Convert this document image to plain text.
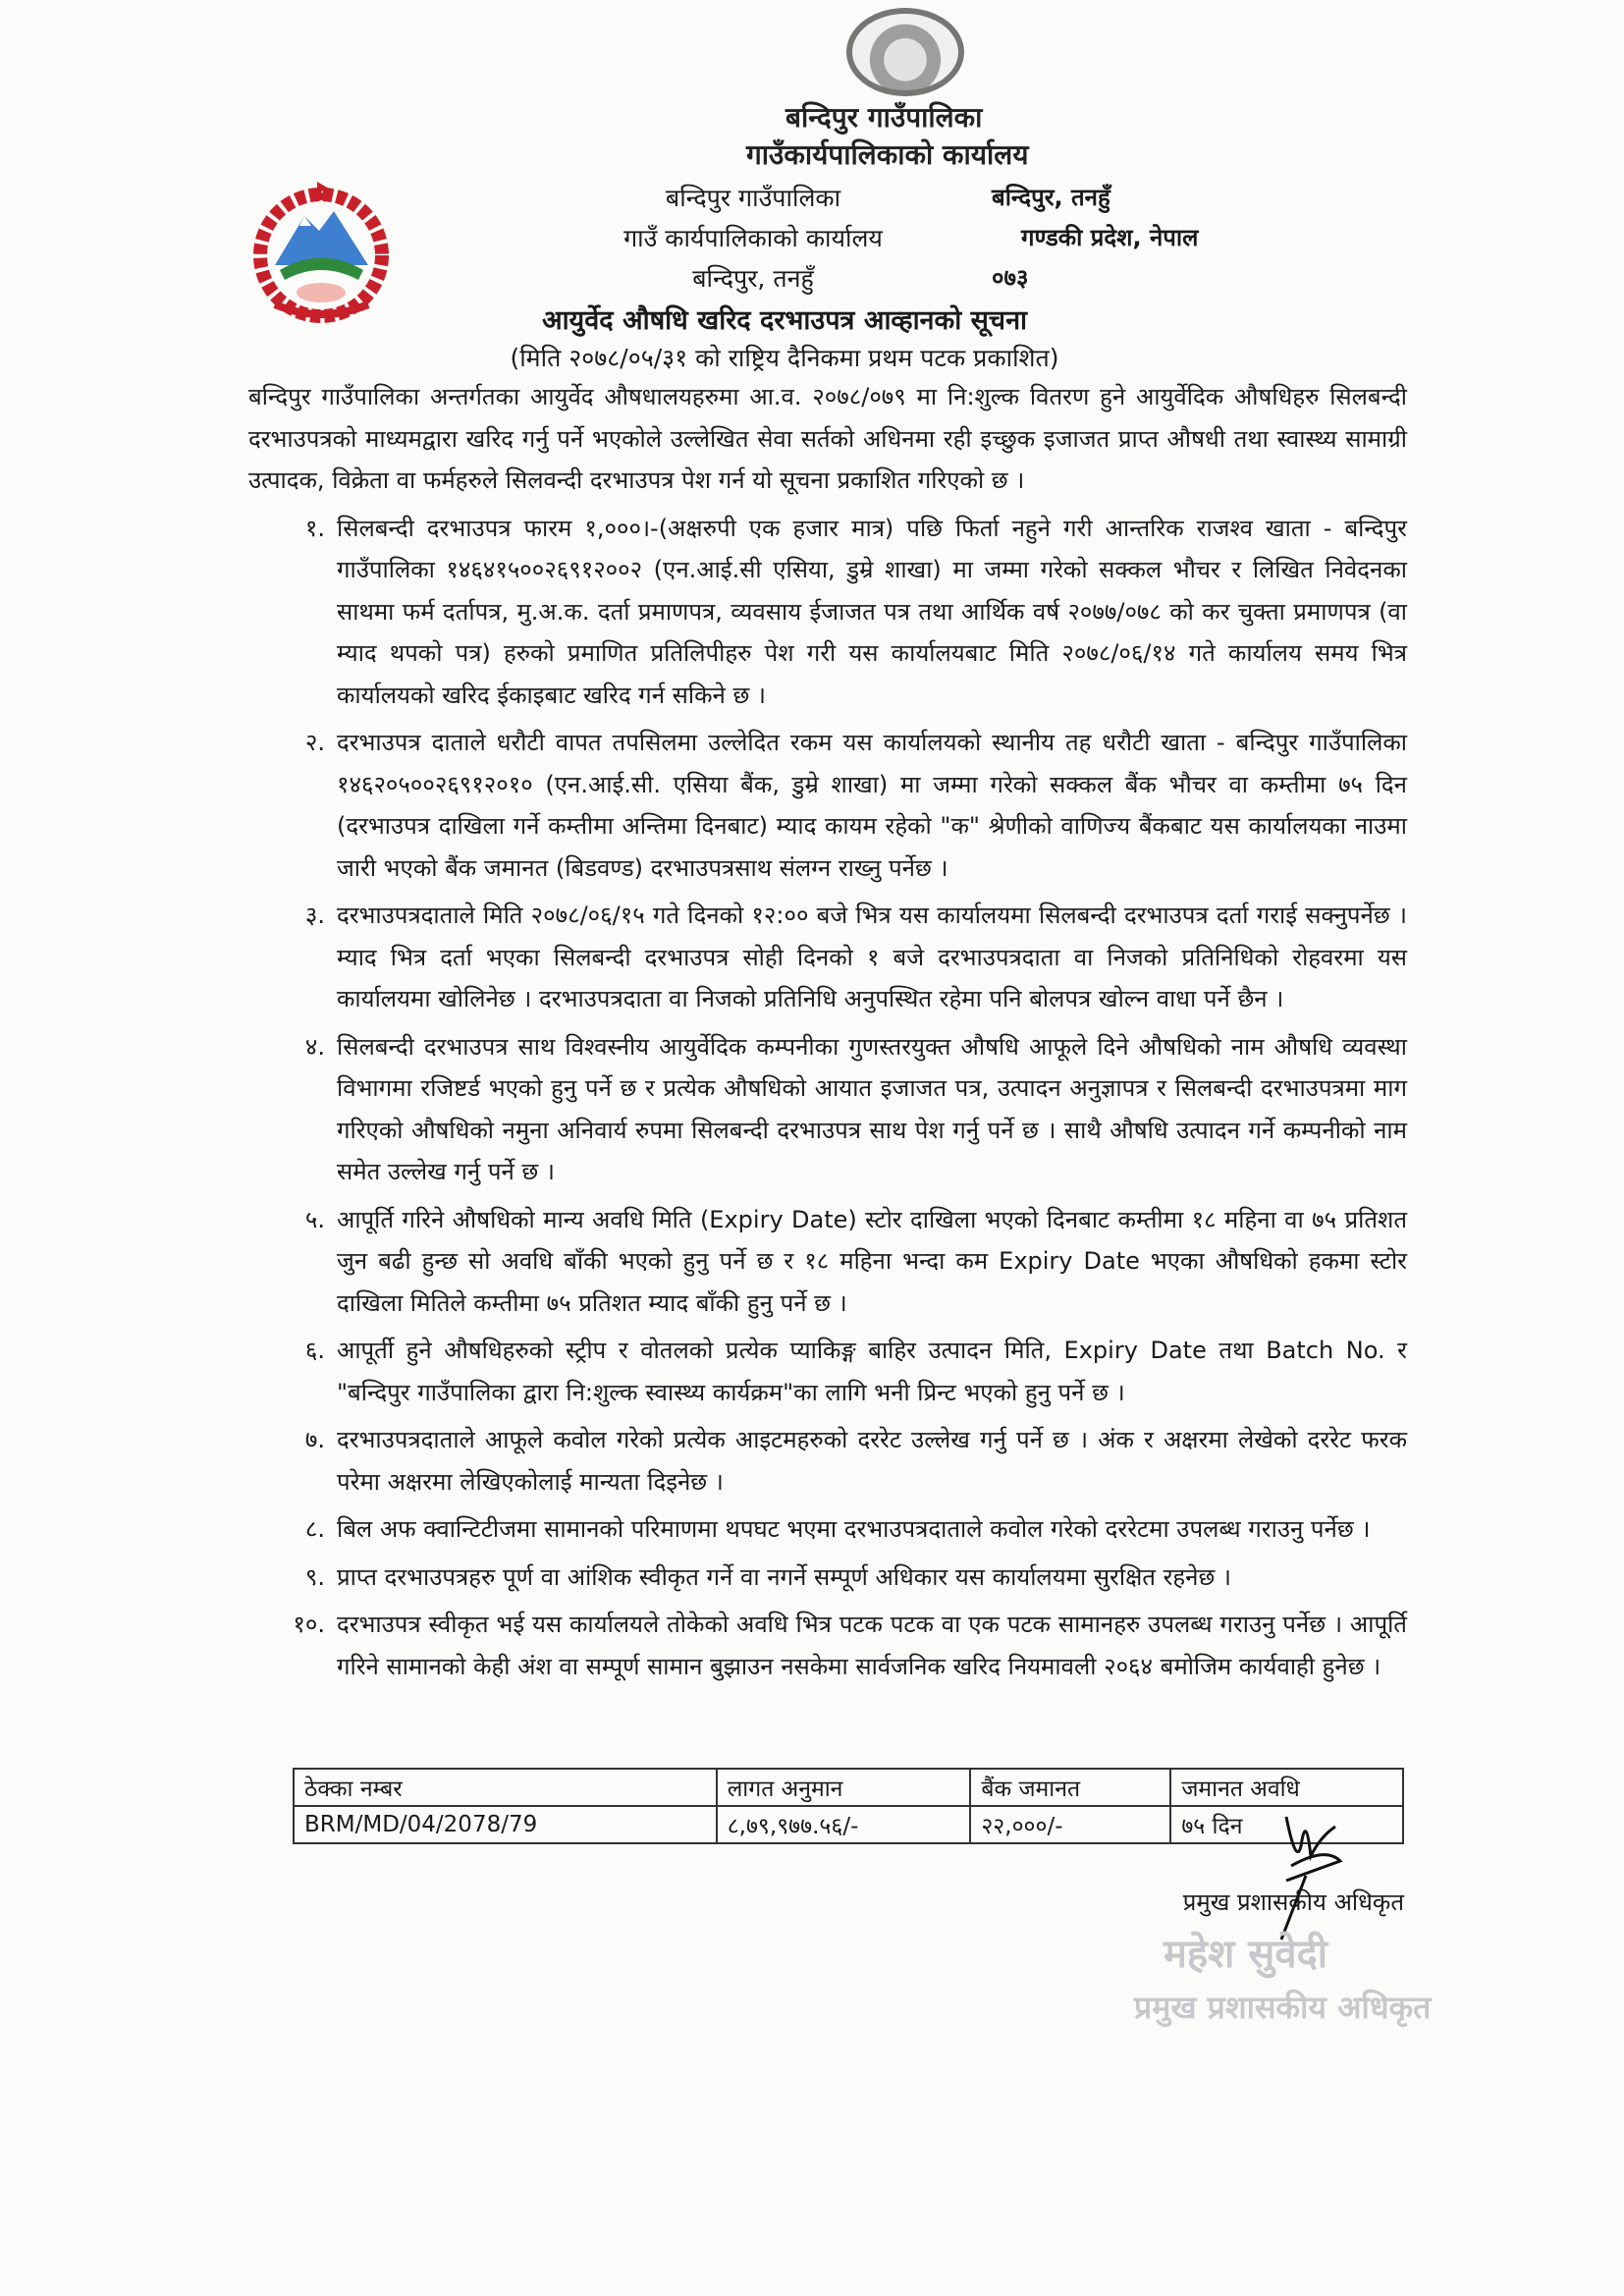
बन्दिपुर गाउँपालिका
गाउँकार्यपालिकाको कार्यालय
बन्दिपुर गाउँपालिका	बन्दिपुर, तनहुँ
गाउँ कार्यपालिकाको कार्यालय	गण्डकी प्रदेश, नेपाल
बन्दिपुर, तनहुँ	०७३
आयुर्वेद औषधि खरिद दरभाउपत्र आव्हानको सूचना
(मिति २०७८/०५/३१ को राष्ट्रिय दैनिकमा प्रथम पटक प्रकाशित)

बन्दिपुर गाउँपालिका अन्तर्गतका आयुर्वेद औषधालयहरुमा आ.व. २०७८/०७९ मा नि:शुल्क वितरण हुने आयुर्वेदिक औषधिहरु सिलबन्दी दरभाउपत्रको माध्यमद्वारा खरिद गर्नु पर्ने भएकोले उल्लेखित सेवा सर्तको अधिनमा रही इच्छुक इजाजत प्राप्त औषधी तथा स्वास्थ्य सामाग्री उत्पादक, विक्रेता वा फर्महरुले सिलवन्दी दरभाउपत्र पेश गर्न यो सूचना प्रकाशित गरिएको छ ।

१. सिलबन्दी दरभाउपत्र फारम १,०००।-(अक्षरुपी एक हजार मात्र) पछि फिर्ता नहुने गरी आन्तरिक राजश्व खाता - बन्दिपुर गाउँपालिका १४६४१५००२६९१२००२ (एन.आई.सी एसिया, डुम्रे शाखा) मा जम्मा गरेको सक्कल भौचर र लिखित निवेदनका साथमा फर्म दर्तापत्र, मु.अ.क. दर्ता प्रमाणपत्र, व्यवसाय ईजाजत पत्र तथा आर्थिक वर्ष २०७७/०७८ को कर चुक्ता प्रमाणपत्र (वा म्याद थपको पत्र) हरुको प्रमाणित प्रतिलिपीहरु पेश गरी यस कार्यालयबाट मिति २०७८/०६/१४ गते कार्यालय समय भित्र कार्यालयको खरिद ईकाइबाट खरिद गर्न सकिने छ ।
२. दरभाउपत्र दाताले धरौटी वापत तपसिलमा उल्लेदित रकम यस कार्यालयको स्थानीय तह धरौटी खाता - बन्दिपुर गाउँपालिका १४६२०५००२६९१२०१० (एन.आई.सी. एसिया बैंक, डुम्रे शाखा) मा जम्मा गरेको सक्कल बैंक भौचर वा कम्तीमा ७५ दिन (दरभाउपत्र दाखिला गर्ने कम्तीमा अन्तिमा दिनबाट) म्याद कायम रहेको "क" श्रेणीको वाणिज्य बैंकबाट यस कार्यालयका नाउमा जारी भएको बैंक जमानत (बिडवण्ड) दरभाउपत्रसाथ संलग्न राख्नु पर्नेछ ।
३. दरभाउपत्रदाताले मिति २०७८/०६/१५ गते दिनको १२:०० बजे भित्र यस कार्यालयमा सिलबन्दी दरभाउपत्र दर्ता गराई सक्नुपर्नेछ । म्याद भित्र दर्ता भएका सिलबन्दी दरभाउपत्र सोही दिनको १ बजे दरभाउपत्रदाता वा निजको प्रतिनिधिको रोहवरमा यस कार्यालयमा खोलिनेछ । दरभाउपत्रदाता वा निजको प्रतिनिधि अनुपस्थित रहेमा पनि बोलपत्र खोल्न वाधा पर्ने छैन ।
४. सिलबन्दी दरभाउपत्र साथ विश्वस्नीय आयुर्वेदिक कम्पनीका गुणस्तरयुक्त औषधि आफूले दिने औषधिको नाम औषधि व्यवस्था विभागमा रजिष्टर्ड भएको हुनु पर्ने छ र प्रत्येक औषधिको आयात इजाजत पत्र, उत्पादन अनुज्ञापत्र र सिलबन्दी दरभाउपत्रमा माग गरिएको औषधिको नमुना अनिवार्य रुपमा सिलबन्दी दरभाउपत्र साथ पेश गर्नु पर्ने छ । साथै औषधि उत्पादन गर्ने कम्पनीको नाम समेत उल्लेख गर्नु पर्ने छ ।
५. आपूर्ति गरिने औषधिको मान्य अवधि मिति (Expiry Date) स्टोर दाखिला भएको दिनबाट कम्तीमा १८ महिना वा ७५ प्रतिशत जुन बढी हुन्छ सो अवधि बाँकी भएको हुनु पर्ने छ र १८ महिना भन्दा कम Expiry Date भएका औषधिको हकमा स्टोर दाखिला मितिले कम्तीमा ७५ प्रतिशत म्याद बाँकी हुनु पर्ने छ ।
६. आपूर्ती हुने औषधिहरुको स्ट्रीप र वोतलको प्रत्येक प्याकिङ्ग बाहिर उत्पादन मिति, Expiry Date तथा Batch No. र "बन्दिपुर गाउँपालिका द्वारा नि:शुल्क स्वास्थ्य कार्यक्रम"का लागि भनी प्रिन्ट भएको हुनु पर्ने छ ।
७. दरभाउपत्रदाताले आफूले कवोल गरेको प्रत्येक आइटमहरुको दररेट उल्लेख गर्नु पर्ने छ । अंक र अक्षरमा लेखेको दररेट फरक परेमा अक्षरमा लेखिएकोलाई मान्यता दिइनेछ ।
८. बिल अफ क्वान्टिटीजमा सामानको परिमाणमा थपघट भएमा दरभाउपत्रदाताले कवोल गरेको दररेटमा उपलब्ध गराउनु पर्नेछ ।
९. प्राप्त दरभाउपत्रहरु पूर्ण वा आंशिक स्वीकृत गर्ने वा नगर्ने सम्पूर्ण अधिकार यस कार्यालयमा सुरक्षित रहनेछ ।
१०. दरभाउपत्र स्वीकृत भई यस कार्यालयले तोकेको अवधि भित्र पटक पटक वा एक पटक सामानहरु उपलब्ध गराउनु पर्नेछ । आपूर्ति गरिने सामानको केही अंश वा सम्पूर्ण सामान बुझाउन नसकेमा सार्वजनिक खरिद नियमावली २०६४ बमोजिम कार्यवाही हुनेछ ।
ठेक्का नम्बर	लागत अनुमान	बैंक जमानत	जमानत अवधि
BRM/MD/04/2078/79	८,७९,९७७.५६/-	२२,०००/-	७५ दिन
प्रमुख प्रशासकीय अधिकृत
महेश सुवेदी
प्रमुख प्रशासकीय अधिकृत
